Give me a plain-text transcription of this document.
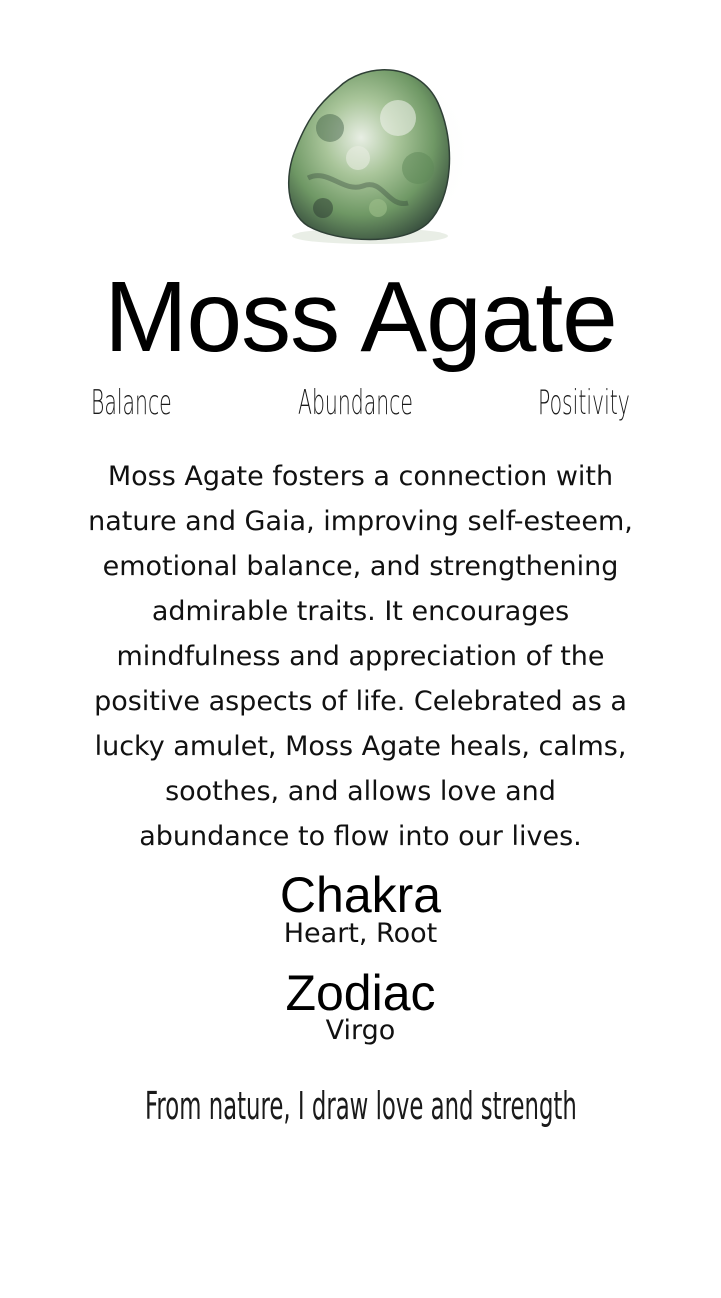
Moss Agate
Balance	Abundance	Positivity
Moss Agate fosters a connection with
nature and Gaia, improving self-esteem,
emotional balance, and strengthening
admirable traits. It encourages
mindfulness and appreciation of the
positive aspects of life. Celebrated as a
lucky amulet, Moss Agate heals, calms,
soothes, and allows love and
abundance to flow into our lives.
Chakra
Heart, Root
Zodiac
Virgo
From nature, I draw love and strength
